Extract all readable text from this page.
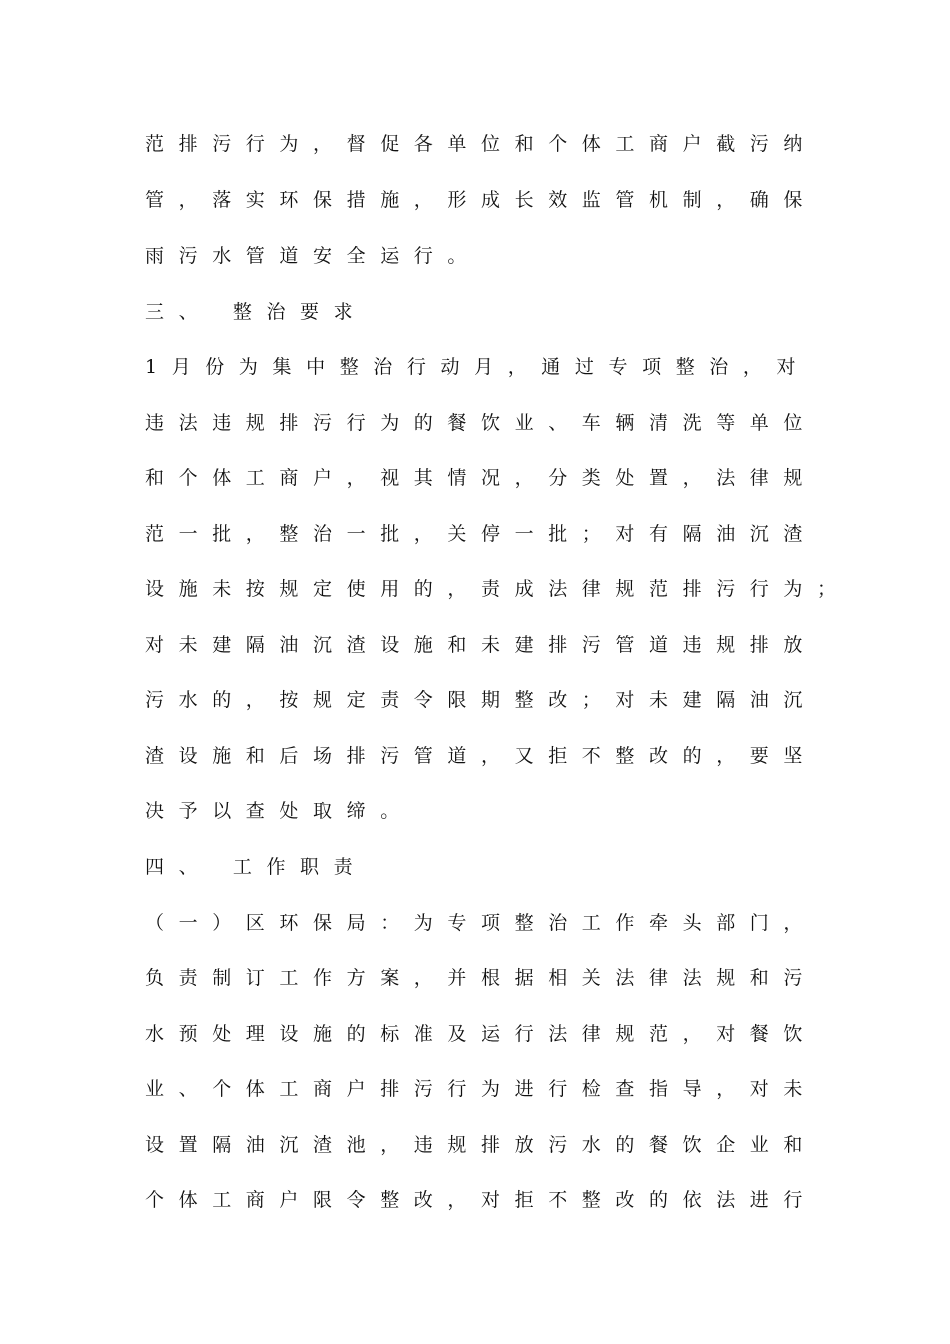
范排污行为，督促各单位和个体工商户截污纳
管，落实环保措施，形成长效监管机制，确保
雨污水管道安全运行。
三、 整治要求
1月份为集中整治行动月，通过专项整治，对
违法违规排污行为的餐饮业、车辆清洗等单位
和个体工商户，视其情况，分类处置，法律规
范一批，整治一批，关停一批；对有隔油沉渣
设施未按规定使用的，责成法律规范排污行为；
对未建隔油沉渣设施和未建排污管道违规排放
污水的，按规定责令限期整改；对未建隔油沉
渣设施和后场排污管道，又拒不整改的，要坚
决予以查处取缔。
四、 工作职责
（一）区环保局：为专项整治工作牵头部门，
负责制订工作方案，并根据相关法律法规和污
水预处理设施的标准及运行法律规范，对餐饮
业、个体工商户排污行为进行检查指导，对未
设置隔油沉渣池，违规排放污水的餐饮企业和
个体工商户限令整改，对拒不整改的依法进行
